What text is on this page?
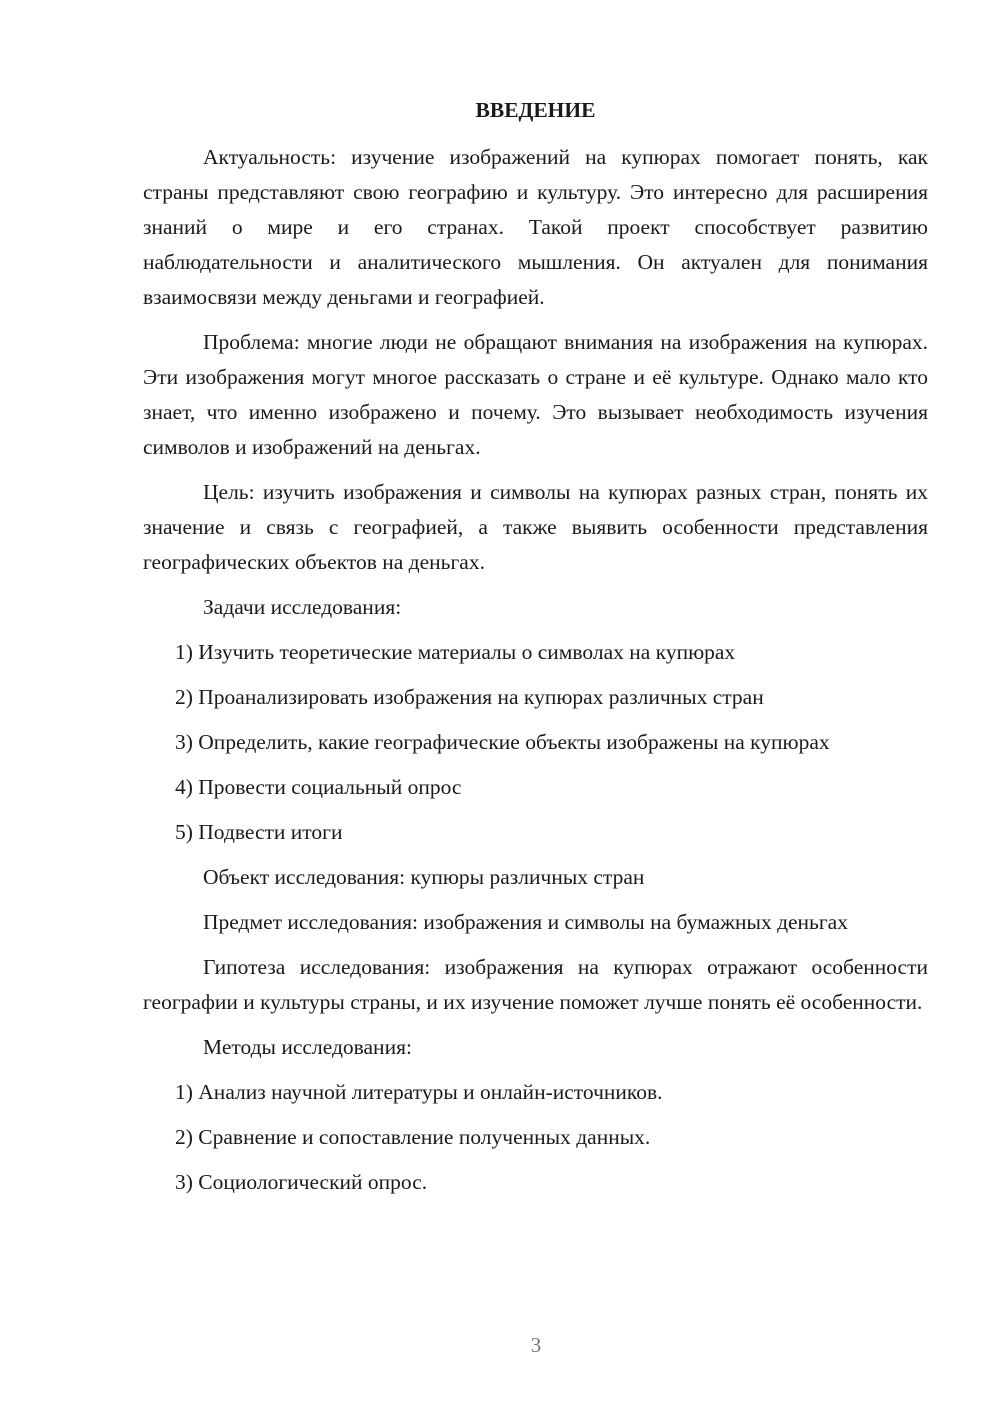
ВВЕДЕНИЕ

Актуальность: изучение изображений на купюрах помогает понять, как страны представляют свою географию и культуру. Это интересно для расширения знаний о мире и его странах. Такой проект способствует развитию наблюдательности и аналитического мышления. Он актуален для понимания взаимосвязи между деньгами и географией.

Проблема: многие люди не обращают внимания на изображения на купюрах. Эти изображения могут многое рассказать о стране и её культуре. Однако мало кто знает, что именно изображено и почему. Это вызывает необходимость изучения символов и изображений на деньгах.

Цель: изучить изображения и символы на купюрах разных стран, понять их значение и связь с географией, а также выявить особенности представления географических объектов на деньгах.

Задачи исследования:

1) Изучить теоретические материалы о символах на купюрах

2) Проанализировать изображения на купюрах различных стран

3) Определить, какие географические объекты изображены на купюрах

4) Провести социальный опрос

5) Подвести итоги

Объект исследования: купюры различных стран

Предмет исследования: изображения и символы на бумажных деньгах

Гипотеза исследования: изображения на купюрах отражают особенности географии и культуры страны, и их изучение поможет лучше понять её особенности.

Методы исследования:

1) Анализ научной литературы и онлайн-источников.

2) Сравнение и сопоставление полученных данных.

3) Социологический опрос.

3
